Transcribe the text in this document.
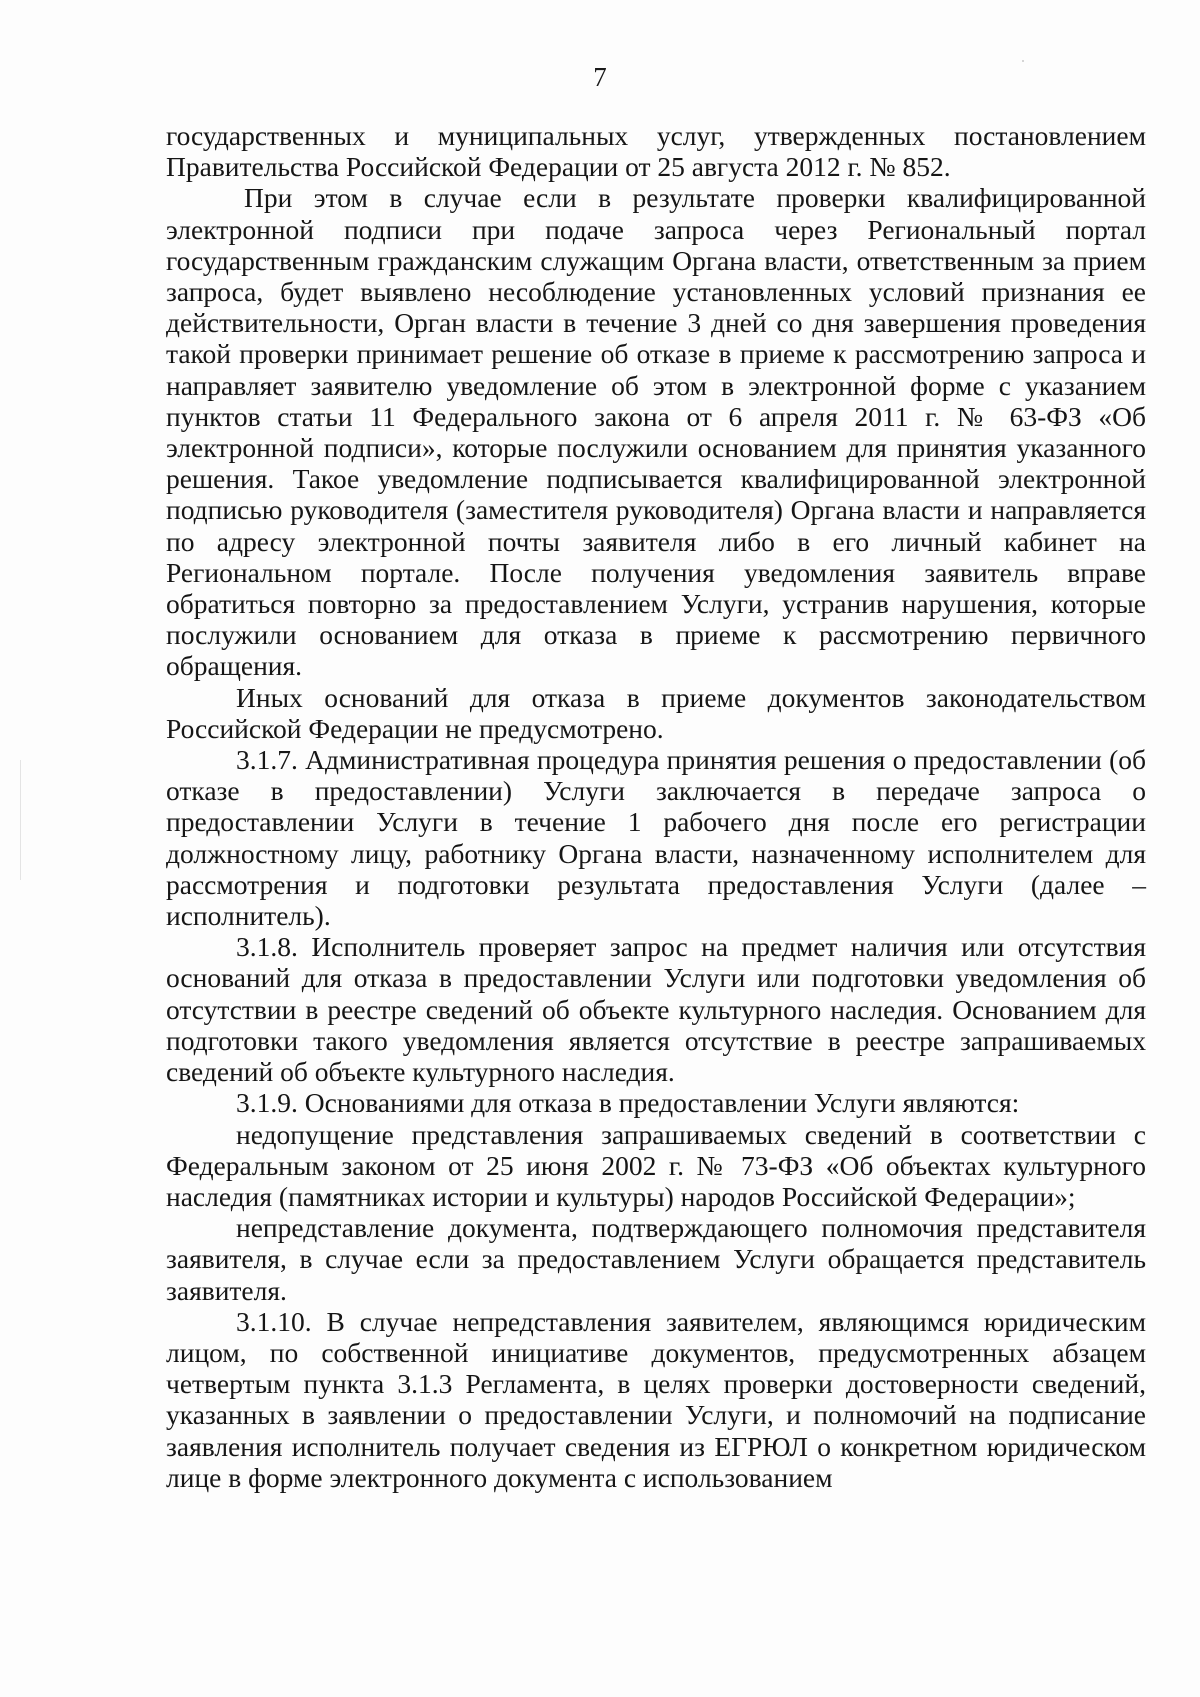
7

государственных и муниципальных услуг, утвержденных постановлением Правительства Российской Федерации от 25 августа 2012 г. № 852.

При этом в случае если в результате проверки квалифицированной электронной подписи при подаче запроса через Региональный портал государственным гражданским служащим Органа власти, ответственным за прием запроса, будет выявлено несоблюдение установленных условий признания ее действительности, Орган власти в течение 3 дней со дня завершения проведения такой проверки принимает решение об отказе в приеме к рассмотрению запроса и направляет заявителю уведомление об этом в электронной форме с указанием пунктов статьи 11 Федерального закона от 6 апреля 2011 г. № 63-ФЗ «Об электронной подписи», которые послужили основанием для принятия указанного решения. Такое уведомление подписывается квалифицированной электронной подписью руководителя (заместителя руководителя) Органа власти и направляется по адресу электронной почты заявителя либо в его личный кабинет на Региональном портале. После получения уведомления заявитель вправе обратиться повторно за предоставлением Услуги, устранив нарушения, которые послужили основанием для отказа в приеме к рассмотрению первичного обращения.

Иных оснований для отказа в приеме документов законодательством Российской Федерации не предусмотрено.

3.1.7. Административная процедура принятия решения о предоставлении (об отказе в предоставлении) Услуги заключается в передаче запроса о предоставлении Услуги в течение 1 рабочего дня после его регистрации должностному лицу, работнику Органа власти, назначенному исполнителем для рассмотрения и подготовки результата предоставления Услуги (далее – исполнитель).

3.1.8. Исполнитель проверяет запрос на предмет наличия или отсутствия оснований для отказа в предоставлении Услуги или подготовки уведомления об отсутствии в реестре сведений об объекте культурного наследия. Основанием для подготовки такого уведомления является отсутствие в реестре запрашиваемых сведений об объекте культурного наследия.

3.1.9. Основаниями для отказа в предоставлении Услуги являются:

недопущение представления запрашиваемых сведений в соответствии с Федеральным законом от 25 июня 2002 г. № 73-ФЗ «Об объектах культурного наследия (памятниках истории и культуры) народов Российской Федерации»;

непредставление документа, подтверждающего полномочия представителя заявителя, в случае если за предоставлением Услуги обращается представитель заявителя.

3.1.10. В случае непредставления заявителем, являющимся юридическим лицом, по собственной инициативе документов, предусмотренных абзацем четвертым пункта 3.1.3 Регламента, в целях проверки достоверности сведений, указанных в заявлении о предоставлении Услуги, и полномочий на подписание заявления исполнитель получает сведения из ЕГРЮЛ о конкретном юридическом лице в форме электронного документа с использованием
